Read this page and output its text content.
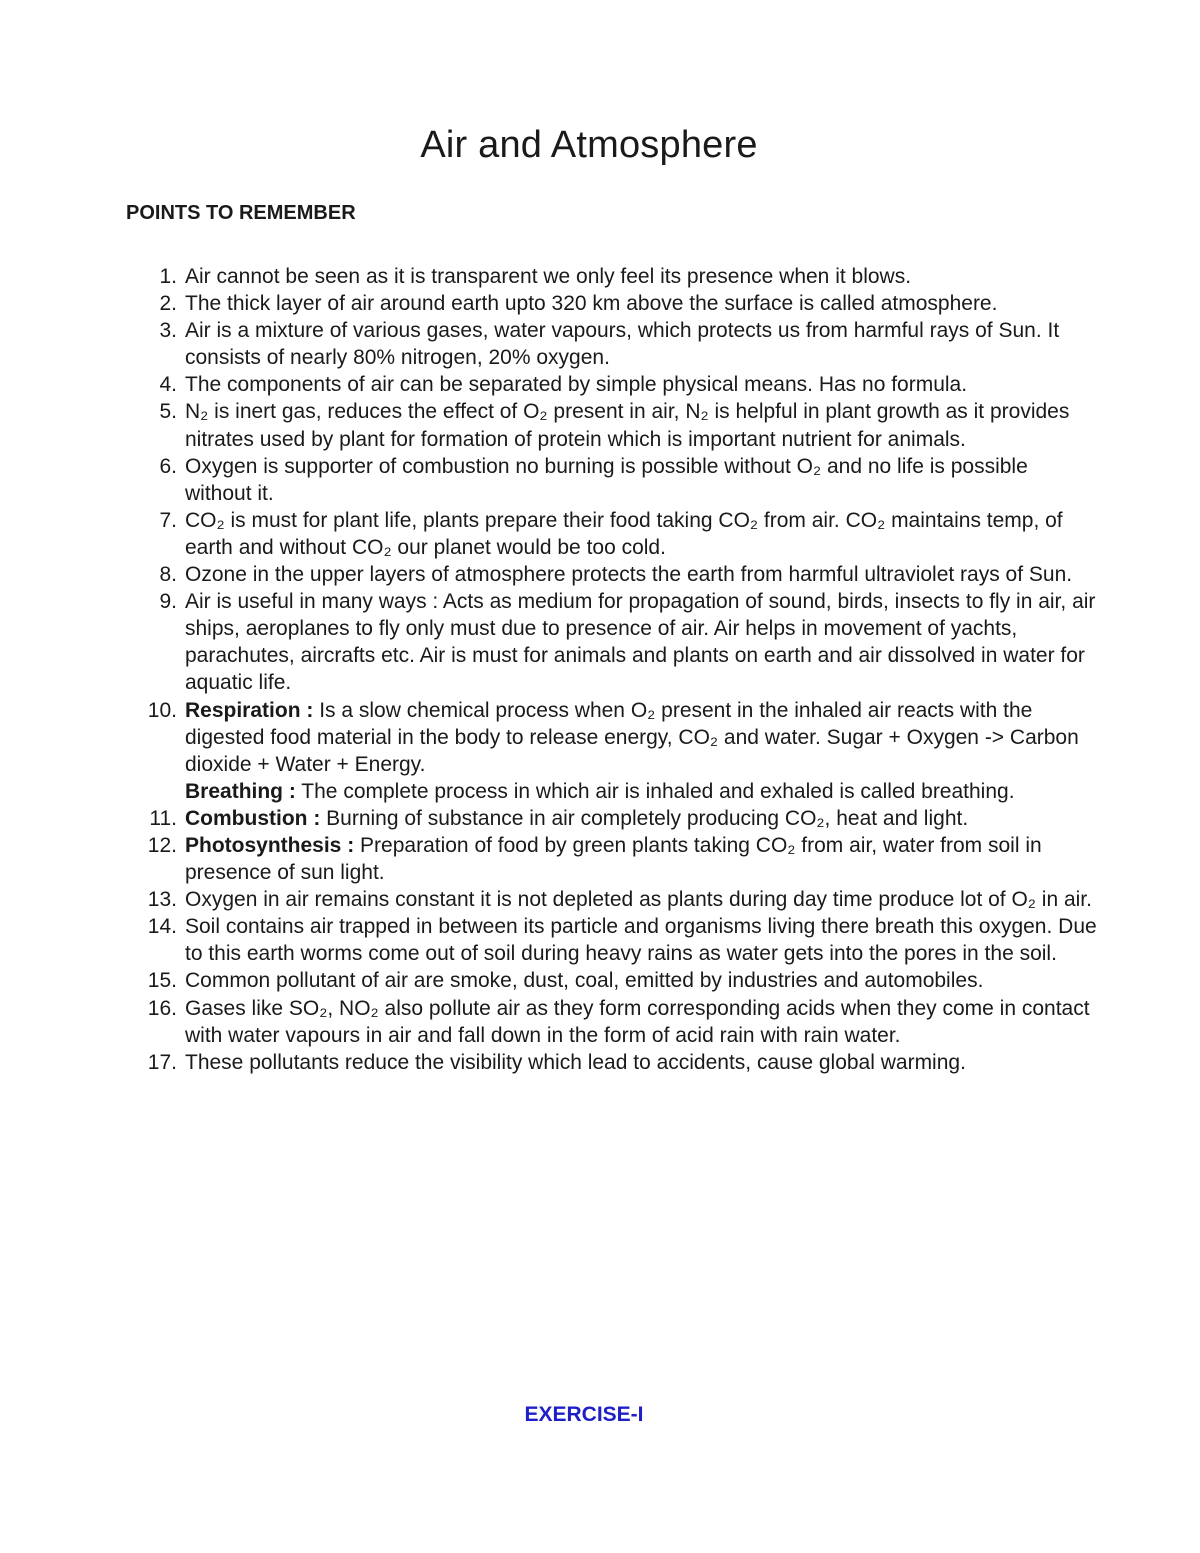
Air and Atmosphere
POINTS TO REMEMBER
1. Air cannot be seen as it is transparent we only feel its presence when it blows.
2. The thick layer of air around earth upto 320 km above the surface is called atmosphere.
3. Air is a mixture of various gases, water vapours, which protects us from harmful rays of Sun. It consists of nearly 80% nitrogen, 20% oxygen.
4. The components of air can be separated by simple physical means. Has no formula.
5. N₂ is inert gas, reduces the effect of O₂ present in air, N₂ is helpful in plant growth as it provides nitrates used by plant for formation of protein which is important nutrient for animals.
6. Oxygen is supporter of combustion no burning is possible without O₂ and no life is possible without it.
7. CO₂ is must for plant life, plants prepare their food taking CO₂ from air. CO₂ maintains temp, of earth and without CO₂ our planet would be too cold.
8. Ozone in the upper layers of atmosphere protects the earth from harmful ultraviolet rays of Sun.
9. Air is useful in many ways : Acts as medium for propagation of sound, birds, insects to fly in air, air ships, aeroplanes to fly only must due to presence of air. Air helps in movement of yachts, parachutes, aircrafts etc. Air is must for animals and plants on earth and air dissolved in water for aquatic life.
10. Respiration : Is a slow chemical process when O₂ present in the inhaled air reacts with the digested food material in the body to release energy, CO₂ and water. Sugar + Oxygen -> Carbon dioxide + Water + Energy.
Breathing : The complete process in which air is inhaled and exhaled is called breathing.
11. Combustion : Burning of substance in air completely producing CO₂, heat and light.
12. Photosynthesis : Preparation of food by green plants taking CO₂ from air, water from soil in presence of sun light.
13. Oxygen in air remains constant it is not depleted as plants during day time produce lot of O₂ in air.
14. Soil contains air trapped in between its particle and organisms living there breath this oxygen. Due to this earth worms come out of soil during heavy rains as water gets into the pores in the soil.
15. Common pollutant of air are smoke, dust, coal, emitted by industries and automobiles.
16. Gases like SO₂, NO₂ also pollute air as they form corresponding acids when they come in contact with water vapours in air and fall down in the form of acid rain with rain water.
17. These pollutants reduce the visibility which lead to accidents, cause global warming.
EXERCISE-I
